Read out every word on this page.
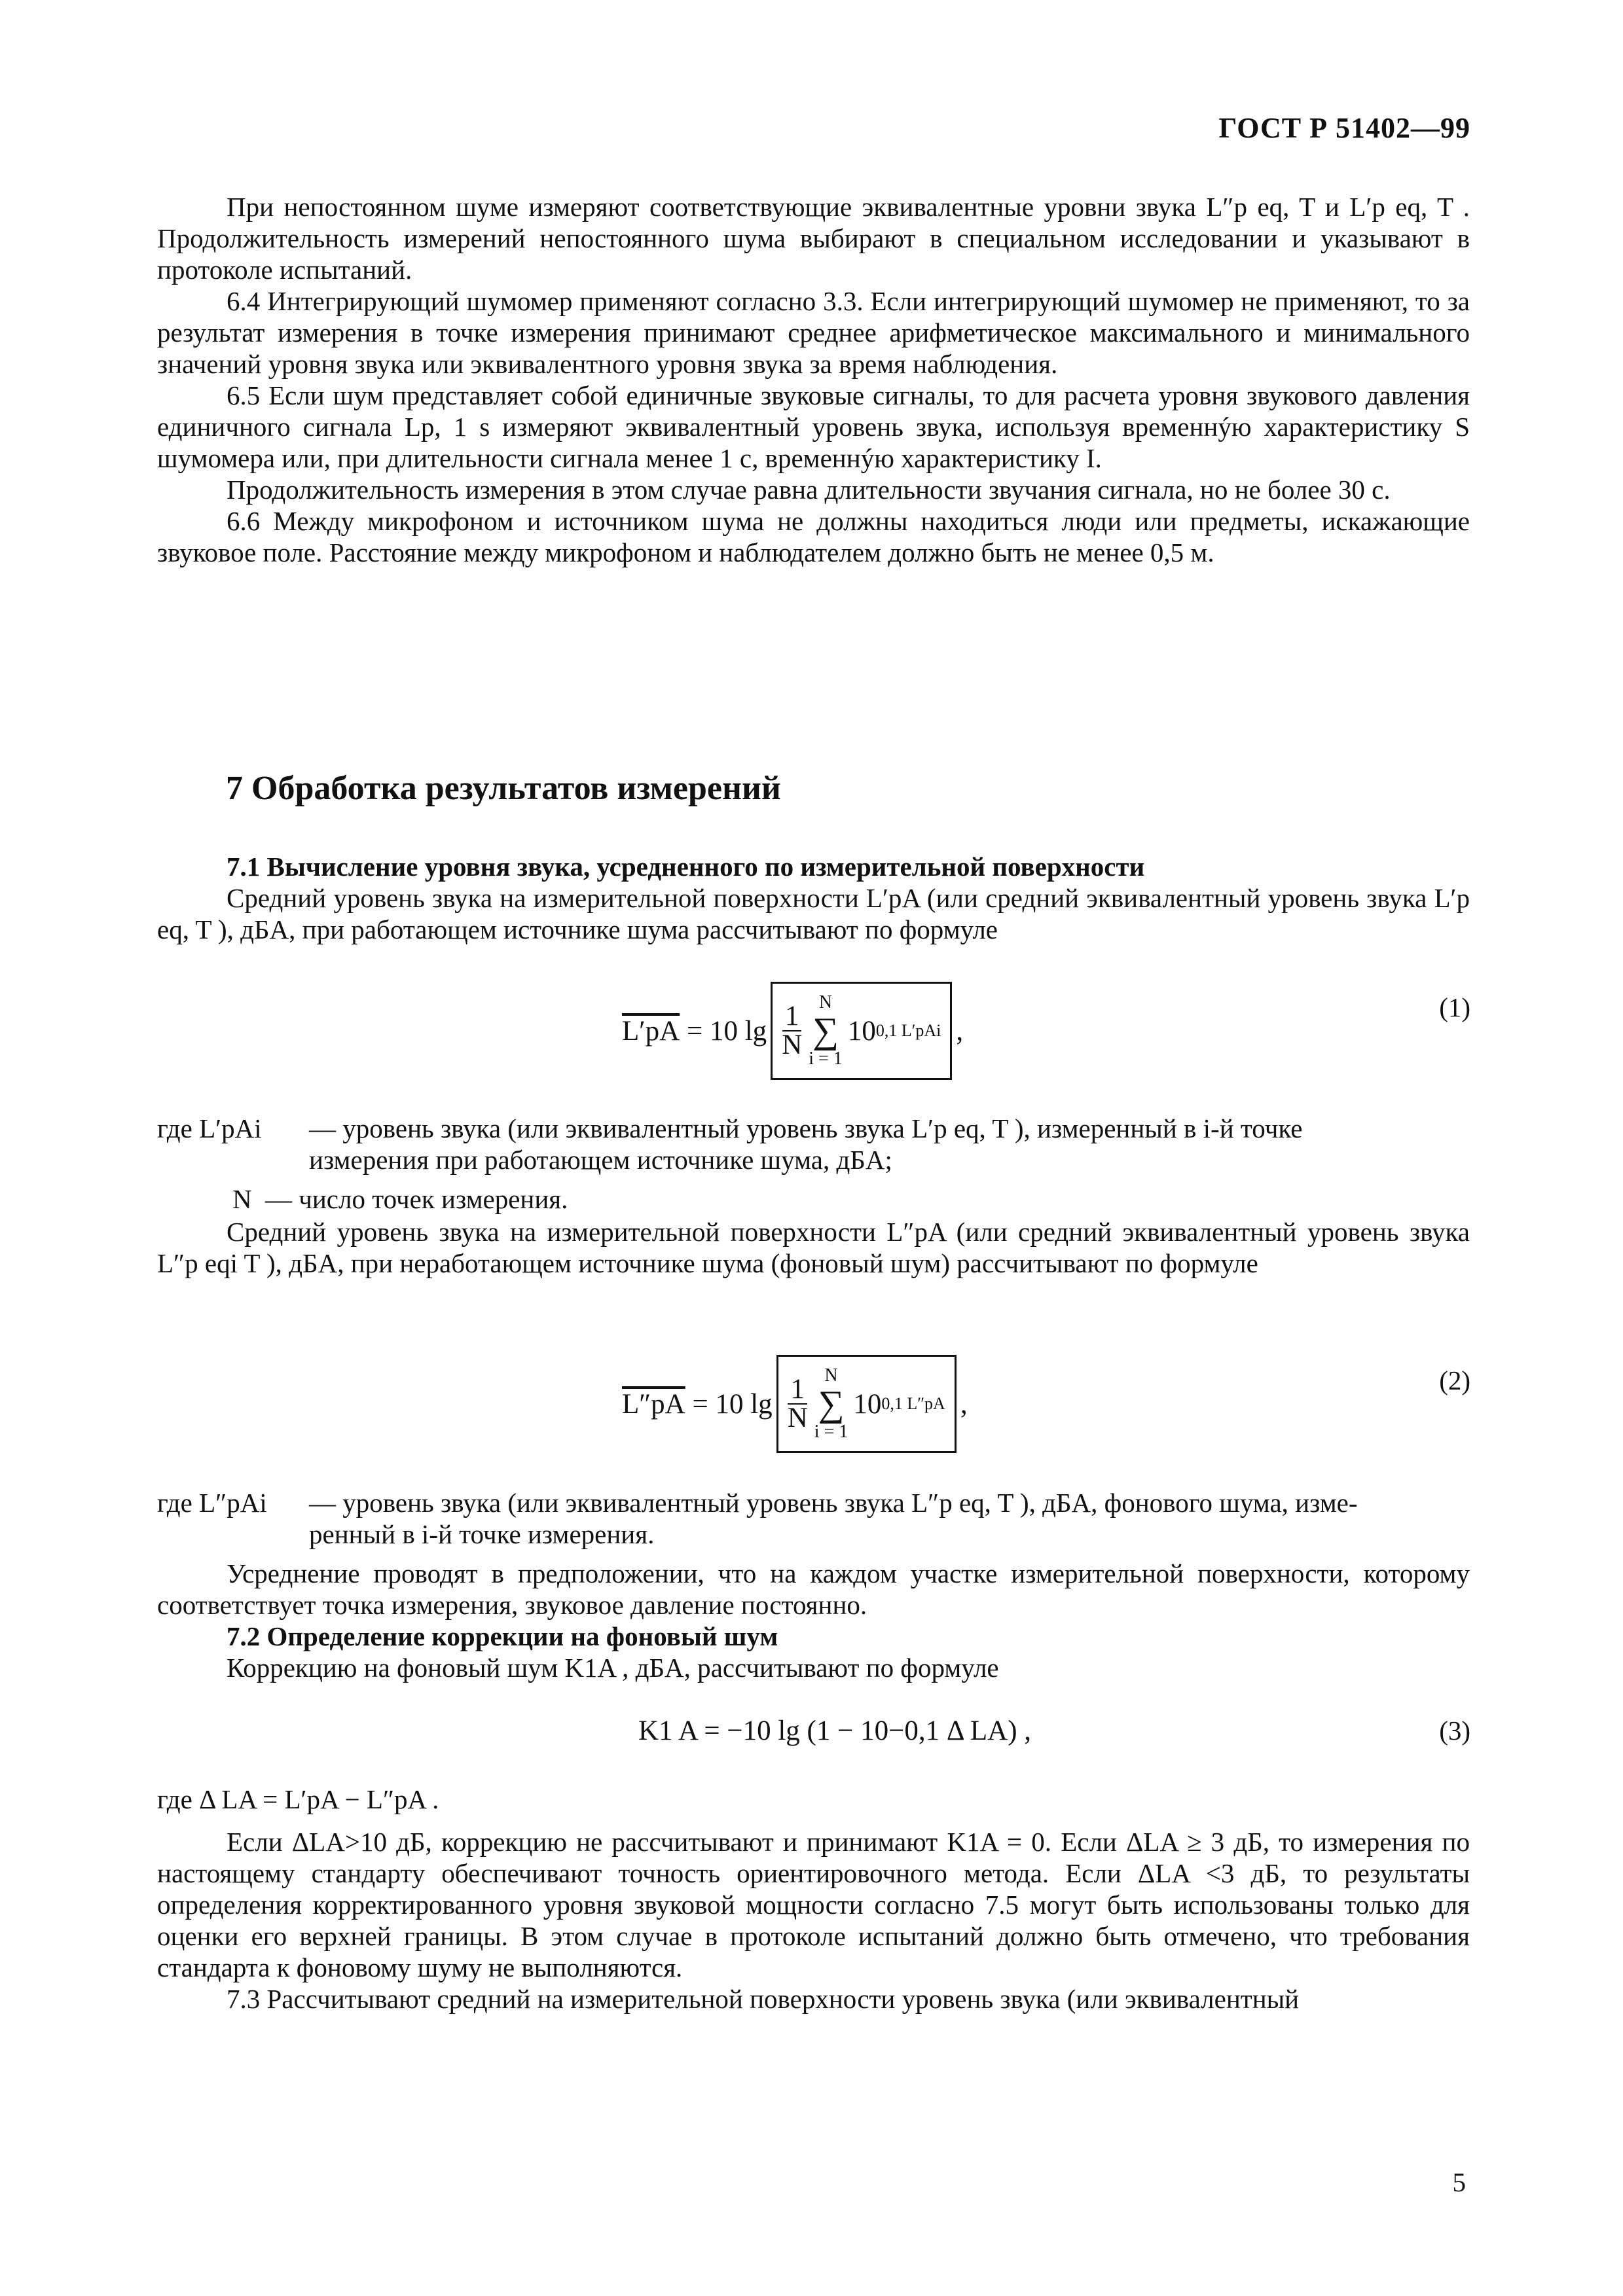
ГОСТ Р 51402—99

При непостоянном шуме измеряют соответствующие эквивалентные уровни звука L″p eq, T и L′p eq, T . Продолжительность измерений непостоянного шума выбирают в специальном исследовании и указывают в протоколе испытаний.

6.4 Интегрирующий шумомер применяют согласно 3.3. Если интегрирующий шумомер не применяют, то за результат измерения в точке измерения принимают среднее арифметическое максимального и минимального значений уровня звука или эквивалентного уровня звука за время наблюдения.

6.5 Если шум представляет собой единичные звуковые сигналы, то для расчета уровня звукового давления единичного сигнала Lp, 1 s измеряют эквивалентный уровень звука, используя временнýю характеристику S шумомера или, при длительности сигнала менее 1 с, временнýю характеристику I.

Продолжительность измерения в этом случае равна длительности звучания сигнала, но не более 30 с.

6.6 Между микрофоном и источником шума не должны находиться люди или предметы, искажающие звуковое поле. Расстояние между микрофоном и наблюдателем должно быть не менее 0,5 м.

7 Обработка результатов измерений

7.1 Вычисление уровня звука, усредненного по измерительной поверхности

Средний уровень звука на измерительной поверхности L′pA (или средний эквивалентный уровень звука L′p eq, T ), дБA, при работающем источнике шума рассчитывают по формуле

L′pA
= 10 $\lg \frac{1}{N}$
N
∑
i = 1
10 0,1 L′pAi ,
(1)
где L′pAi — уровень звука (или эквивалентный уровень звука L′p eq, T ), измеренный в i-й точке
измерения при работающем источнике шума, дБA;
N — число точек измерения.

Средний уровень звука на измерительной поверхности L″pA (или средний эквивалентный уровень звука L″p eqi T ), дБA, при неработающем источнике шума (фоновый шум) рассчитывают по формуле

L″pA
= 10 $\lg \frac{1}{N}$
N
∑
i = 1
10 0,1 L″pA ,
(2)
где L″pAi — уровень звука (или эквивалентный уровень звука L″p eq, T ), дБA, фонового шума, изме-
ренный в i-й точке измерения.

Усреднение проводят в предположении, что на каждом участке измерительной поверхности, которому соответствует точка измерения, звуковое давление постоянно.

7.2 Определение коррекции на фоновый шум

Коррекцию на фоновый шум K1A , дБA, рассчитывают по формуле

K1 A = −10 lg (1 − 10−0,1 Δ LA) ,	(3)
где Δ LA = L′pA − L″pA .

Если ΔLA>10 дБ, коррекцию не рассчитывают и принимают K1A = 0. Если ΔLA ≥ 3 дБ, то измерения по настоящему стандарту обеспечивают точность ориентировочного метода. Если ΔLA <3 дБ, то результаты определения корректированного уровня звуковой мощности согласно 7.5 могут быть использованы только для оценки его верхней границы. В этом случае в протоколе испытаний должно быть отмечено, что требования стандарта к фоновому шуму не выполняются.

7.3 Рассчитывают средний на измерительной поверхности уровень звука (или эквивалентный

5
